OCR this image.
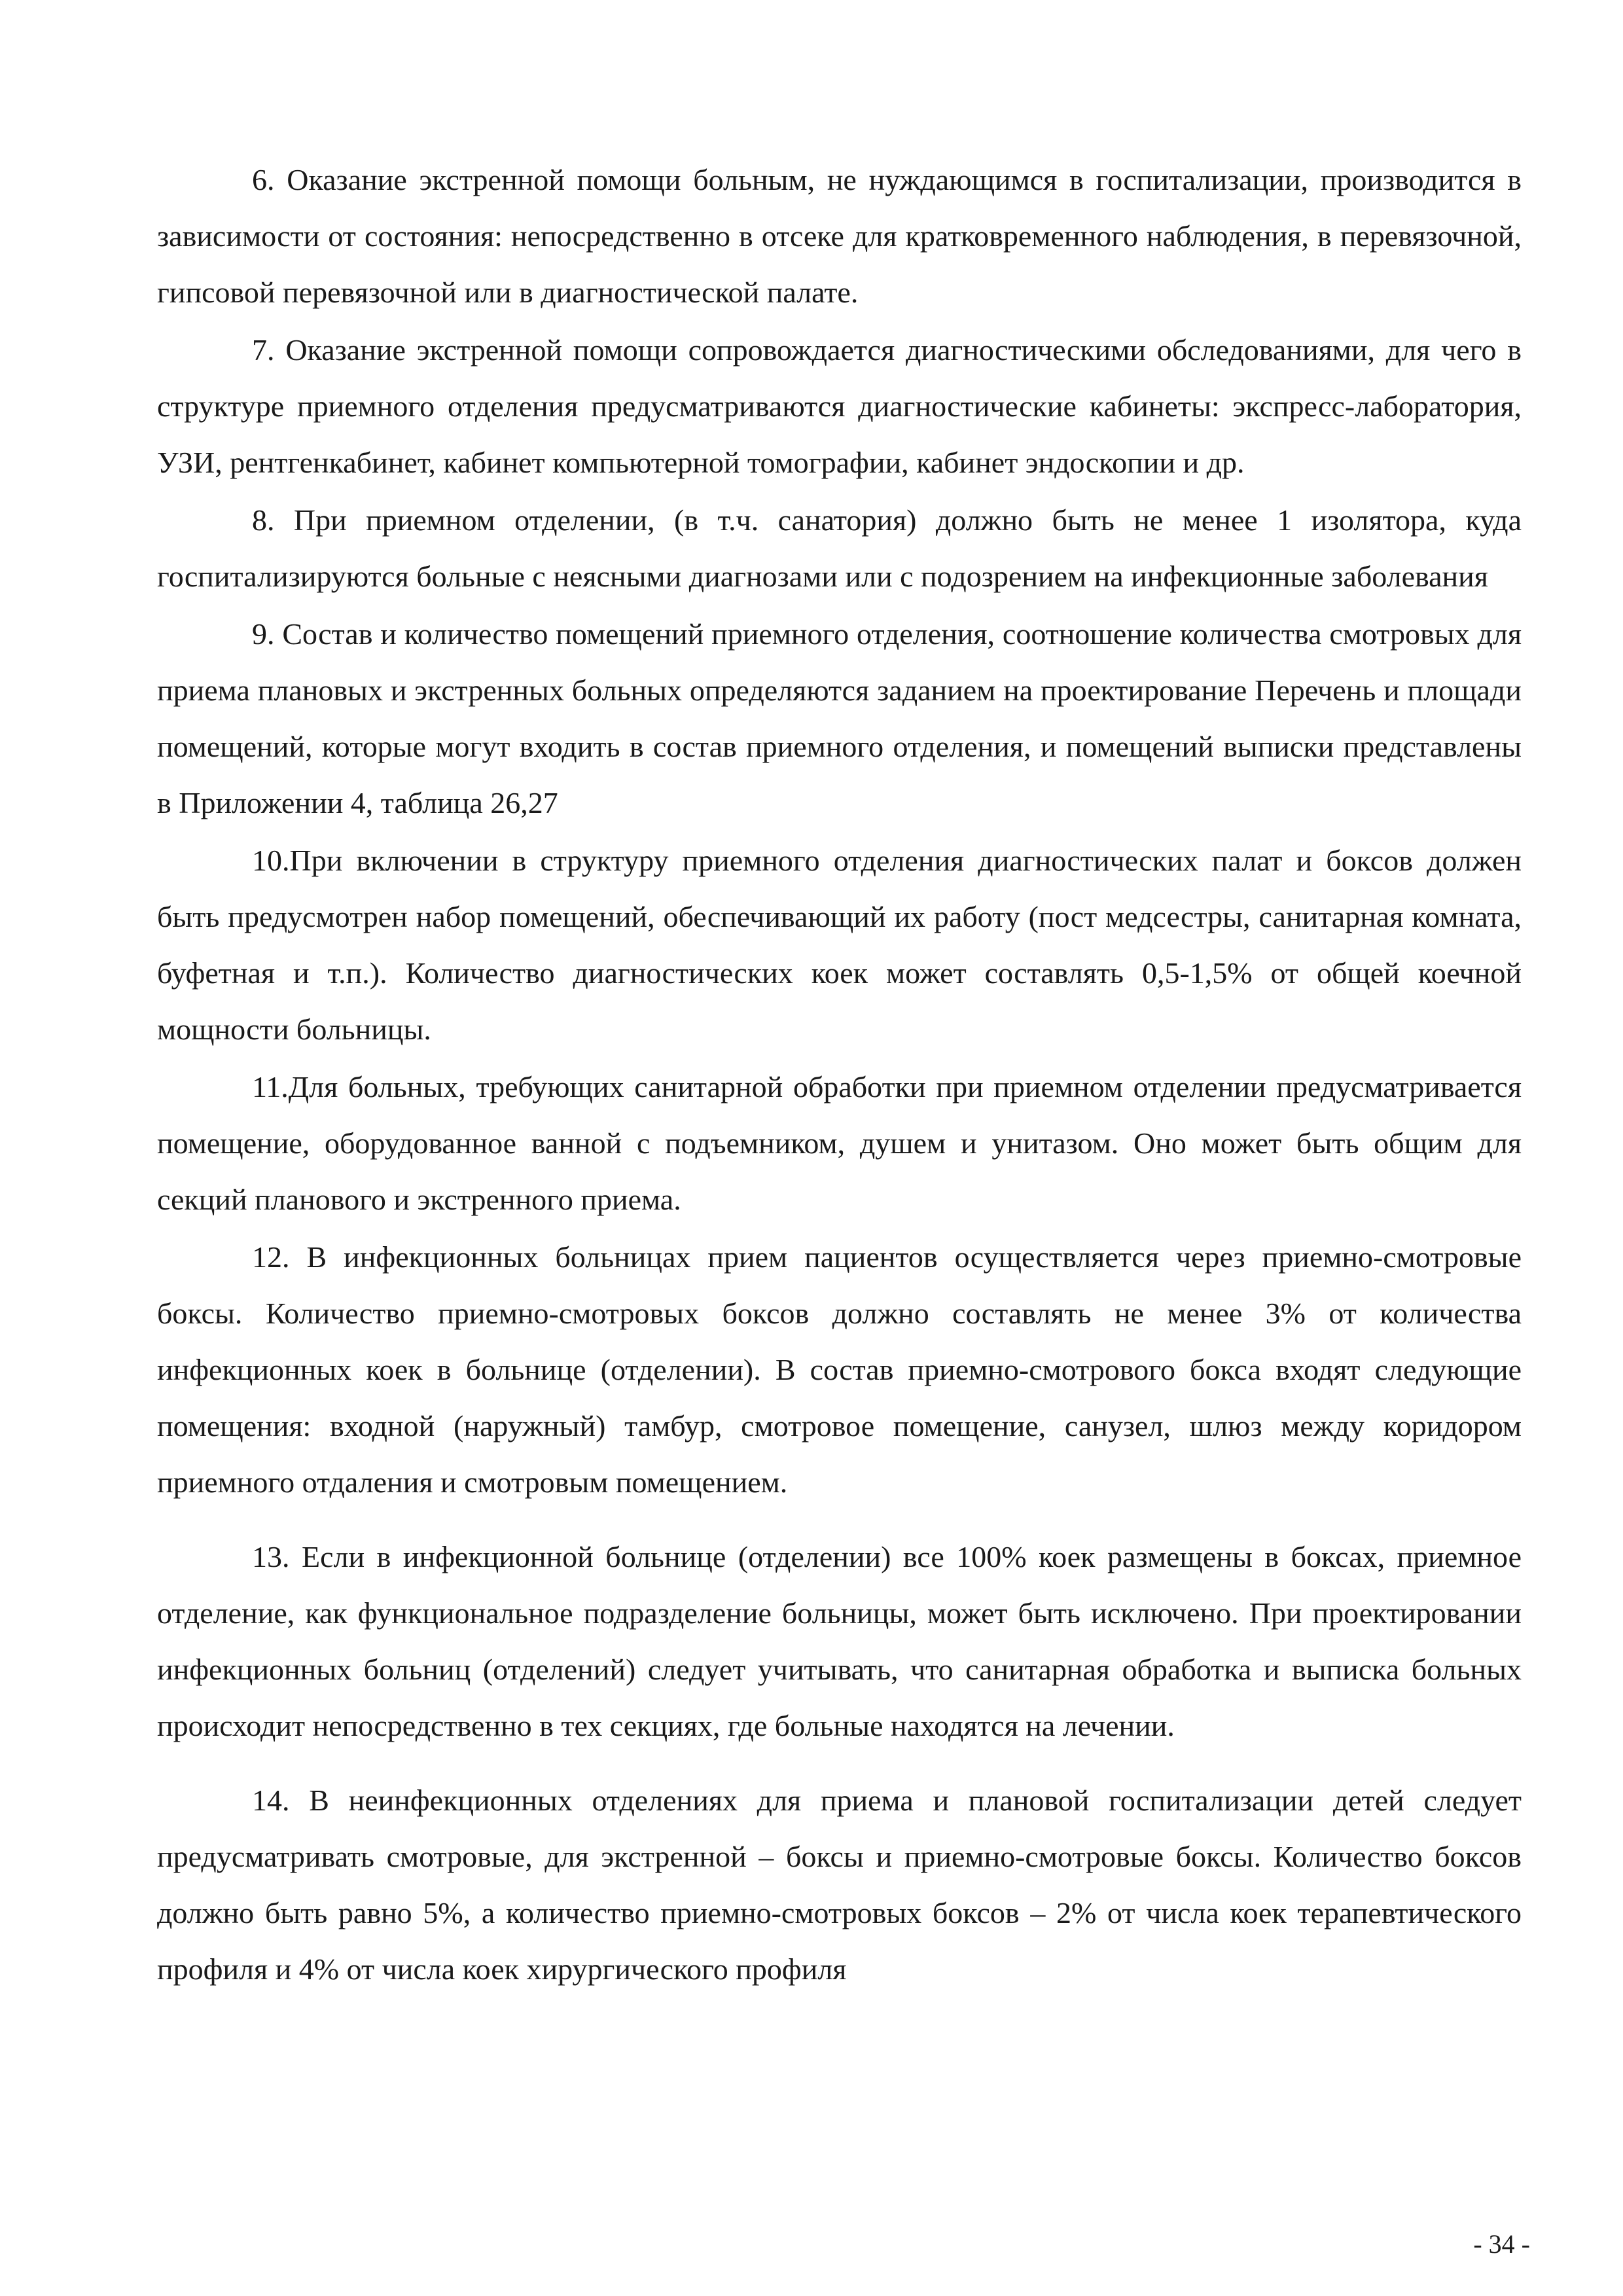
6. Оказание экстренной помощи больным, не нуждающимся в госпитализации, производится в зависимости от состояния: непосредственно в отсеке для кратковременного наблюдения, в перевязочной, гипсовой перевязочной или в диагностической палате.

7. Оказание экстренной помощи сопровождается диагностическими обследованиями, для чего в структуре приемного отделения предусматриваются диагностические кабинеты: экспресс-лаборатория, УЗИ, рентгенкабинет, кабинет компьютерной томографии, кабинет эндоскопии и др.

8. При приемном отделении, (в т.ч. санатория) должно быть не менее 1 изолятора, куда госпитализируются больные с неясными диагнозами или с подозрением на инфекционные заболевания

9. Состав и количество помещений приемного отделения, соотношение количества смотровых для приема плановых и экстренных больных определяются заданием на проектирование Перечень и площади помещений, которые могут входить в состав приемного отделения, и помещений выписки представлены в Приложении 4, таблица 26,27

10.При включении в структуру приемного отделения диагностических палат и боксов должен быть предусмотрен набор помещений, обеспечивающий их работу (пост медсестры, санитарная комната, буфетная и т.п.). Количество диагностических коек может составлять 0,5-1,5% от общей коечной мощности больницы.

11.Для больных, требующих санитарной обработки при приемном отделении предусматривается помещение, оборудованное ванной с подъемником, душем и унитазом. Оно может быть общим для секций планового и экстренного приема.

12. В инфекционных больницах прием пациентов осуществляется через приемно-смотровые боксы. Количество приемно-смотровых боксов должно составлять не менее 3% от количества инфекционных коек в больнице (отделении). В состав приемно-смотрового бокса входят следующие помещения: входной (наружный) тамбур, смотровое помещение, санузел, шлюз между коридором приемного отдаления и смотровым помещением.

13. Если в инфекционной больнице (отделении) все 100% коек размещены в боксах, приемное отделение, как функциональное подразделение больницы, может быть исключено. При проектировании инфекционных больниц (отделений) следует учитывать, что санитарная обработка и выписка больных происходит непосредственно в тех секциях, где больные находятся на лечении.

14. В неинфекционных отделениях для приема и плановой госпитализации детей следует предусматривать смотровые, для экстренной – боксы и приемно-смотровые боксы. Количество боксов должно быть равно 5%, а количество приемно-смотровых боксов – 2% от числа коек терапевтического профиля и 4% от числа коек хирургического профиля

- 34 -
